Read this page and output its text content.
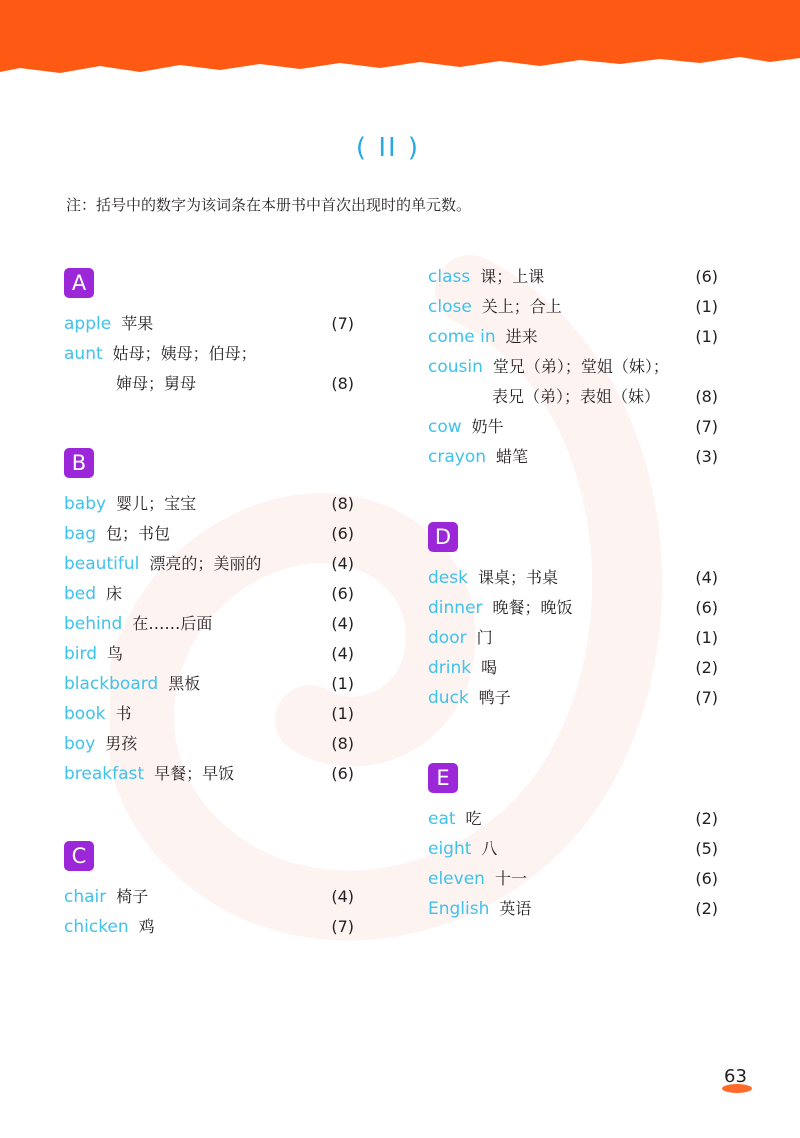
( II )
注：括号中的数字为该词条在本册书中首次出现时的单元数。
A
apple 苹果	(7)
aunt 姑母；姨母；伯母；
婶母；舅母	(8)
B
baby 婴儿；宝宝	(8)
bag 包；书包	(6)
beautiful 漂亮的；美丽的	(4)
bed 床	(6)
behind 在……后面	(4)
bird 鸟	(4)
blackboard 黑板	(1)
book 书	(1)
boy 男孩	(8)
breakfast 早餐；早饭	(6)
C
chair 椅子	(4)
chicken 鸡	(7)
class 课；上课	(6)
close 关上；合上	(1)
come in 进来	(1)
cousin 堂兄（弟）；堂姐（妹）；
表兄（弟）；表姐（妹） (8)
cow 奶牛	(7)
crayon 蜡笔	(3)
D
desk 课桌；书桌	(4)
dinner 晚餐；晚饭	(6)
door 门	(1)
drink 喝	(2)
duck 鸭子	(7)
E
eat 吃	(2)
eight 八	(5)
eleven 十一	(6)
English 英语	(2)
63
